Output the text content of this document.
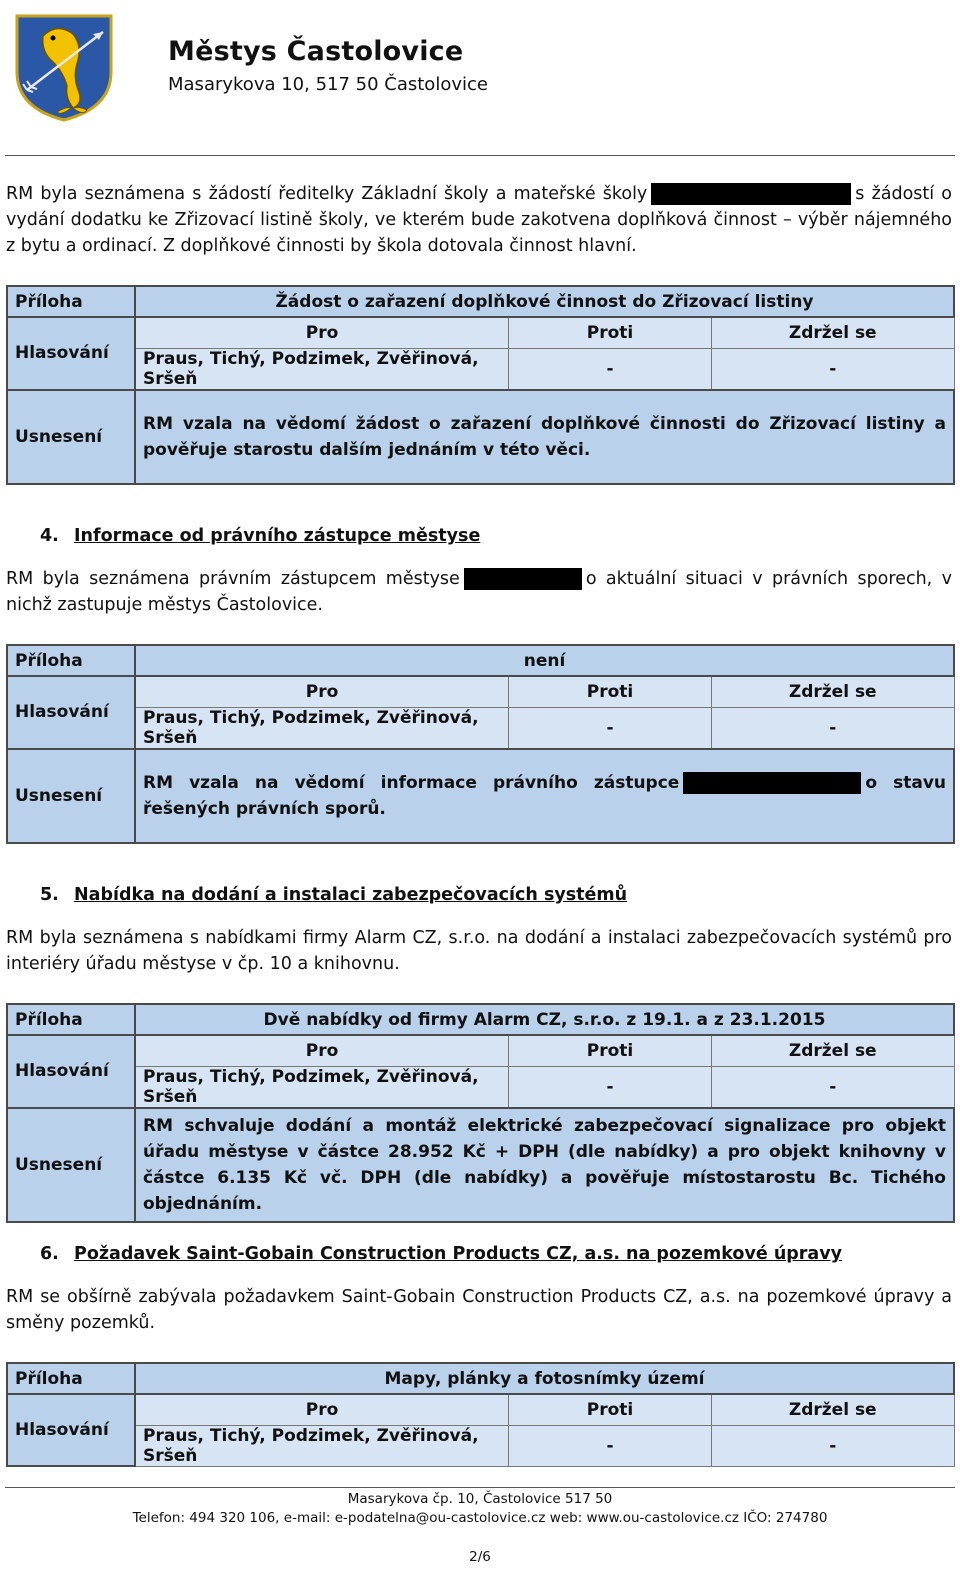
Městys Častolovice
Masarykova 10, 517 50 Častolovice
RM byla seznámena s žádostí ředitelky Základní školy a mateřské školy	s žádostí o vydání dodatku ke Zřizovací listině školy, ve kterém bude zakotvena doplňková činnost – výběr nájemného z bytu a ordinací. Z doplňkové činnosti by škola dotovala činnost hlavní.
Příloha	Žádost o zařazení doplňkové činnost do Zřizovací listiny		
Hlasování	Pro	Proti	Zdržel se
	Praus, Tichý, Podzimek, Zvěřinová, Sršeň	-	-
Usnesení	RM vzala na vědomí žádost o zařazení doplňkové činnosti do Zřizovací listiny a pověřuje starostu dalším jednáním v této věci.		
4. Informace od právního zástupce městyse
RM byla seznámena právním zástupcem městyse	o aktuální situaci v právních sporech, v nichž zastupuje městys Častolovice.
Příloha	není		
Hlasování	Pro	Proti	Zdržel se
	Praus, Tichý, Podzimek, Zvěřinová, Sršeň	-	-
Usnesení	RM vzala na vědomí informace právního zástupce o stavu řešených právních sporů.		
5. Nabídka na dodání a instalaci zabezpečovacích systémů
RM byla seznámena s nabídkami firmy Alarm CZ, s.r.o. na dodání a instalaci zabezpečovacích systémů pro interiéry úřadu městyse v čp. 10 a knihovnu.
Příloha	Dvě nabídky od firmy Alarm CZ, s.r.o. z 19.1. a z 23.1.2015		
Hlasování	Pro	Proti	Zdržel se
	Praus, Tichý, Podzimek, Zvěřinová, Sršeň	-	-
Usnesení	RM schvaluje dodání a montáž elektrické zabezpečovací signalizace pro objekt úřadu městyse v částce 28.952 Kč + DPH (dle nabídky) a pro objekt knihovny v částce 6.135 Kč vč. DPH (dle nabídky) a pověřuje místostarostu Bc. Tichého objednáním.		
6. Požadavek Saint-Gobain Construction Products CZ, a.s. na pozemkové úpravy
RM se obšírně zabývala požadavkem Saint-Gobain Construction Products CZ, a.s. na pozemkové úpravy a směny pozemků.
Příloha	Mapy, plánky a fotosnímky území		
Hlasování	Pro	Proti	Zdržel se
	Praus, Tichý, Podzimek, Zvěřinová, Sršeň	-	-
Masarykova čp. 10, Častolovice 517 50
Telefon: 494 320 106, e-mail: e-podatelna@ou-castolovice.cz web: www.ou-castolovice.cz IČO: 274780
2/6
